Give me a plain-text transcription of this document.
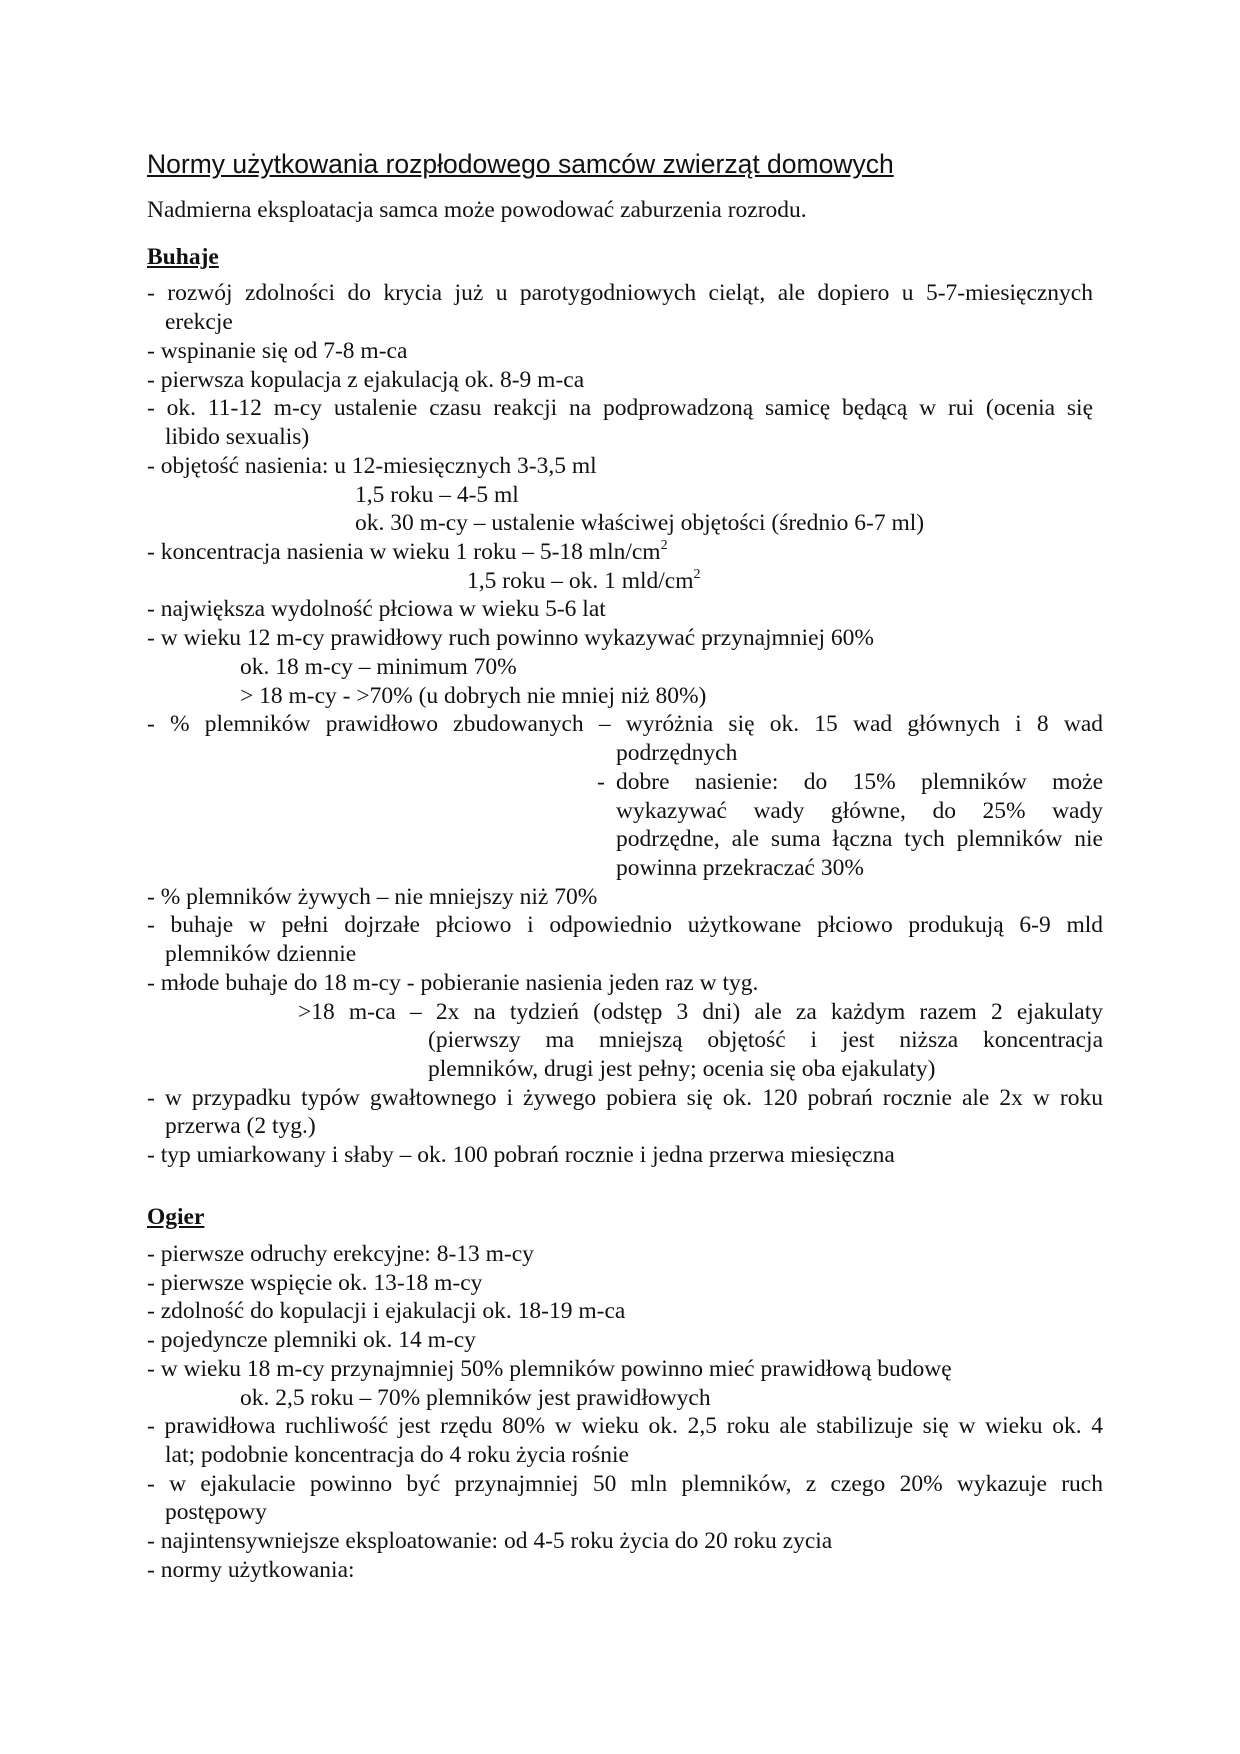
Normy użytkowania rozpłodowego samców zwierząt domowych
Nadmierna eksploatacja samca może powodować zaburzenia rozrodu.
Buhaje
- rozwój zdolności do krycia już u parotygodniowych cieląt, ale dopiero u 5-7-miesięcznych
erekcje
- wspinanie się od 7-8 m-ca
- pierwsza kopulacja z ejakulacją ok. 8-9 m-ca
- ok. 11-12 m-cy ustalenie czasu reakcji na podprowadzoną samicę będącą w rui (ocenia się
libido sexualis)
- objętość nasienia: u 12-miesięcznych 3-3,5 ml
1,5 roku – 4-5 ml
ok. 30 m-cy – ustalenie właściwej objętości (średnio 6-7 ml)
- koncentracja nasienia w wieku 1 roku – 5-18 mln/$cm^2$
1,5 roku – ok. 1 mld/$cm^2$
- największa wydolność płciowa w wieku 5-6 lat
- w wieku 12 m-cy prawidłowy ruch powinno wykazywać przynajmniej 60%
ok. 18 m-cy – minimum 70%
> 18 m-cy - >70% (u dobrych nie mniej niż 80%)
- % plemników prawidłowo zbudowanych – wyróżnia się ok. 15 wad głównych i 8 wad
podrzędnych
- dobre nasienie: do 15% plemników może
wykazywać wady główne, do 25% wady
podrzędne, ale suma łączna tych plemników nie
powinna przekraczać 30%
- % plemników żywych – nie mniejszy niż 70%
- buhaje w pełni dojrzałe płciowo i odpowiednio użytkowane płciowo produkują 6-9 mld
plemników dziennie
- młode buhaje do 18 m-cy - pobieranie nasienia jeden raz w tyg.
>18 m-ca – 2x na tydzień (odstęp 3 dni) ale za każdym razem 2 ejakulaty
(pierwszy ma mniejszą objętość i jest niższa koncentracja
plemników, drugi jest pełny; ocenia się oba ejakulaty)
- w przypadku typów gwałtownego i żywego pobiera się ok. 120 pobrań rocznie ale 2x w roku
przerwa (2 tyg.)
- typ umiarkowany i słaby – ok. 100 pobrań rocznie i jedna przerwa miesięczna
Ogier
- pierwsze odruchy erekcyjne: 8-13 m-cy
- pierwsze wspięcie ok. 13-18 m-cy
- zdolność do kopulacji i ejakulacji ok. 18-19 m-ca
- pojedyncze plemniki ok. 14 m-cy
- w wieku 18 m-cy przynajmniej 50% plemników powinno mieć prawidłową budowę
ok. 2,5 roku – 70% plemników jest prawidłowych
- prawidłowa ruchliwość jest rzędu 80% w wieku ok. 2,5 roku ale stabilizuje się w wieku ok. 4
lat; podobnie koncentracja do 4 roku życia rośnie
- w ejakulacie powinno być przynajmniej 50 mln plemników, z czego 20% wykazuje ruch
postępowy
- najintensywniejsze eksploatowanie: od 4-5 roku życia do 20 roku zycia
- normy użytkowania:
